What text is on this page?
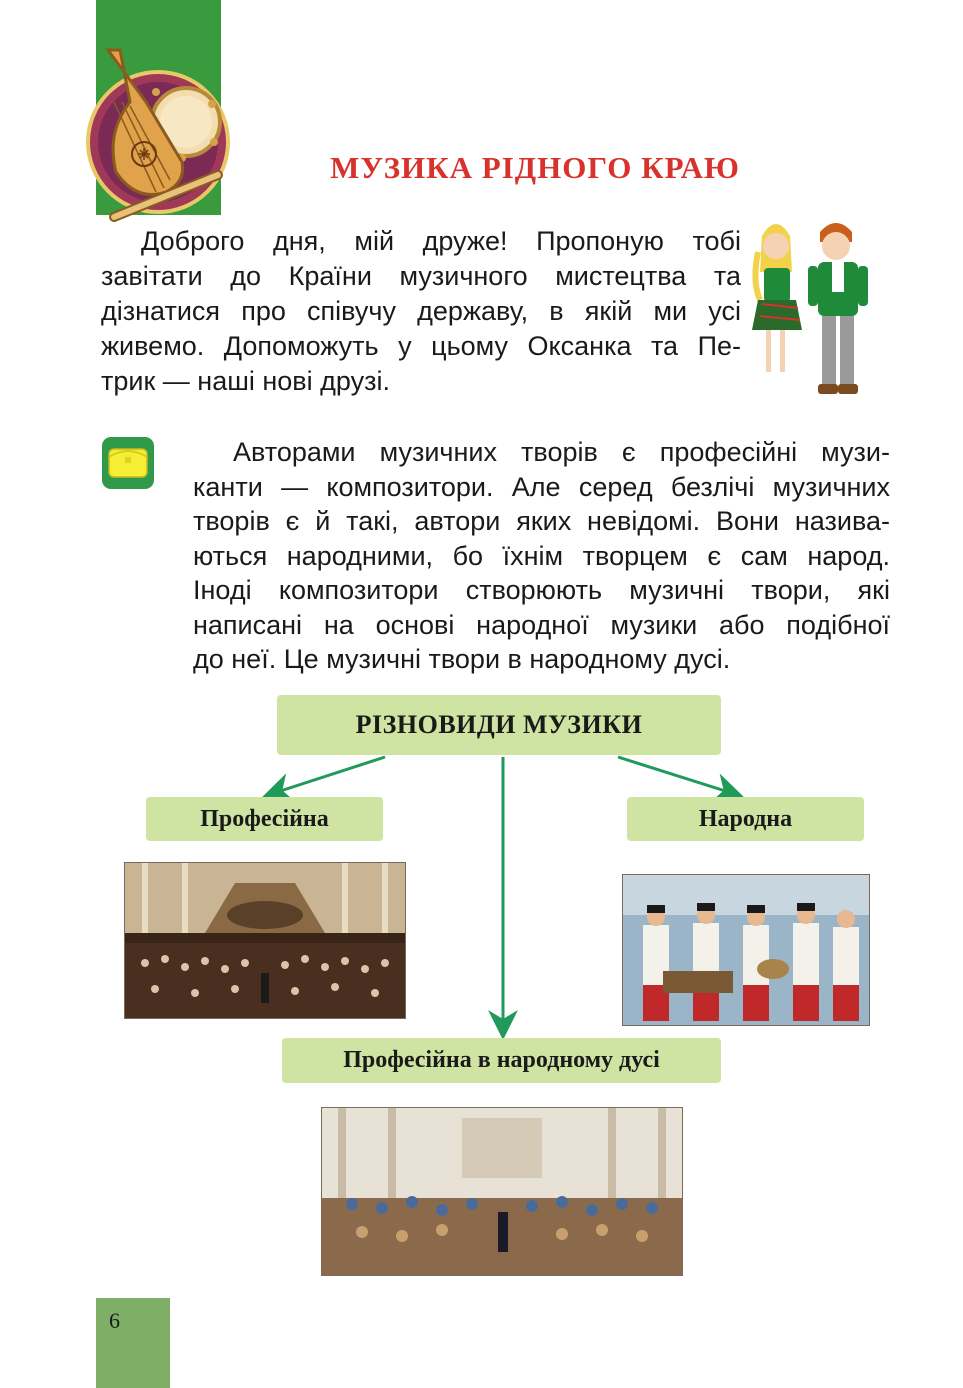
МУЗИКА РІДНОГО КРАЮ
Доброго дня, мій друже! Пропоную тобі
завітати до Країни музичного мистецтва та
дізнатися про співучу державу, в якій ми усі
живемо. Допоможуть у цьому Оксанка та Пе-
трик — наші нові друзі.
Авторами музичних творів є професійні музи-
канти — композитори. Але серед безлічі музичних
творів є й такі, автори яких невідомі. Вони назива-
ються народними, бо їхнім творцем є сам народ.
Іноді композитори створюють музичні твори, які
написані на основі народної музики або подібної
до неї. Це музичні твори в народному дусі.
РІЗНОВИДИ МУЗИКИ
Професійна	Народна
Професійна в народному дусі
6
